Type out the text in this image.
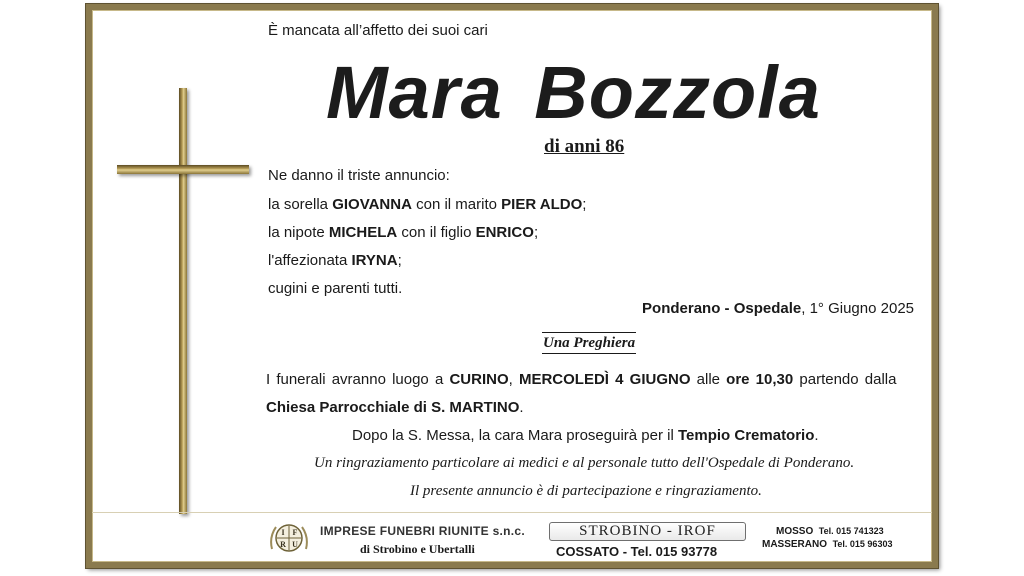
È mancata all’affetto dei suoi cari
Mara Bozzola
di anni 86
Ne danno il triste annuncio:
la sorella GIOVANNA con il marito PIER ALDO;
la nipote MICHELA con il figlio ENRICO;
l'affezionata IRYNA;
cugini e parenti tutti.
Ponderano - Ospedale, 1° Giugno 2025
Una Preghiera
I funerali avranno luogo a CURINO, MERCOLEDÌ 4 GIUGNO alle ore 10,30 partendo dalla
Chiesa Parrocchiale di S. MARTINO.
Dopo la S. Messa, la cara Mara proseguirà per il Tempio Crematorio.
Un ringraziamento particolare ai medici e al personale tutto dell'Ospedale di Ponderano.
Il presente annuncio è di partecipazione e ringraziamento.
I F
R U
IMPRESE FUNEBRI RIUNITE s.n.c.
di Strobino e Ubertalli
STROBINO - IROF
COSSATO - Tel. 015 93778
MOSSO Tel. 015 741323
MASSERANO Tel. 015 96303
